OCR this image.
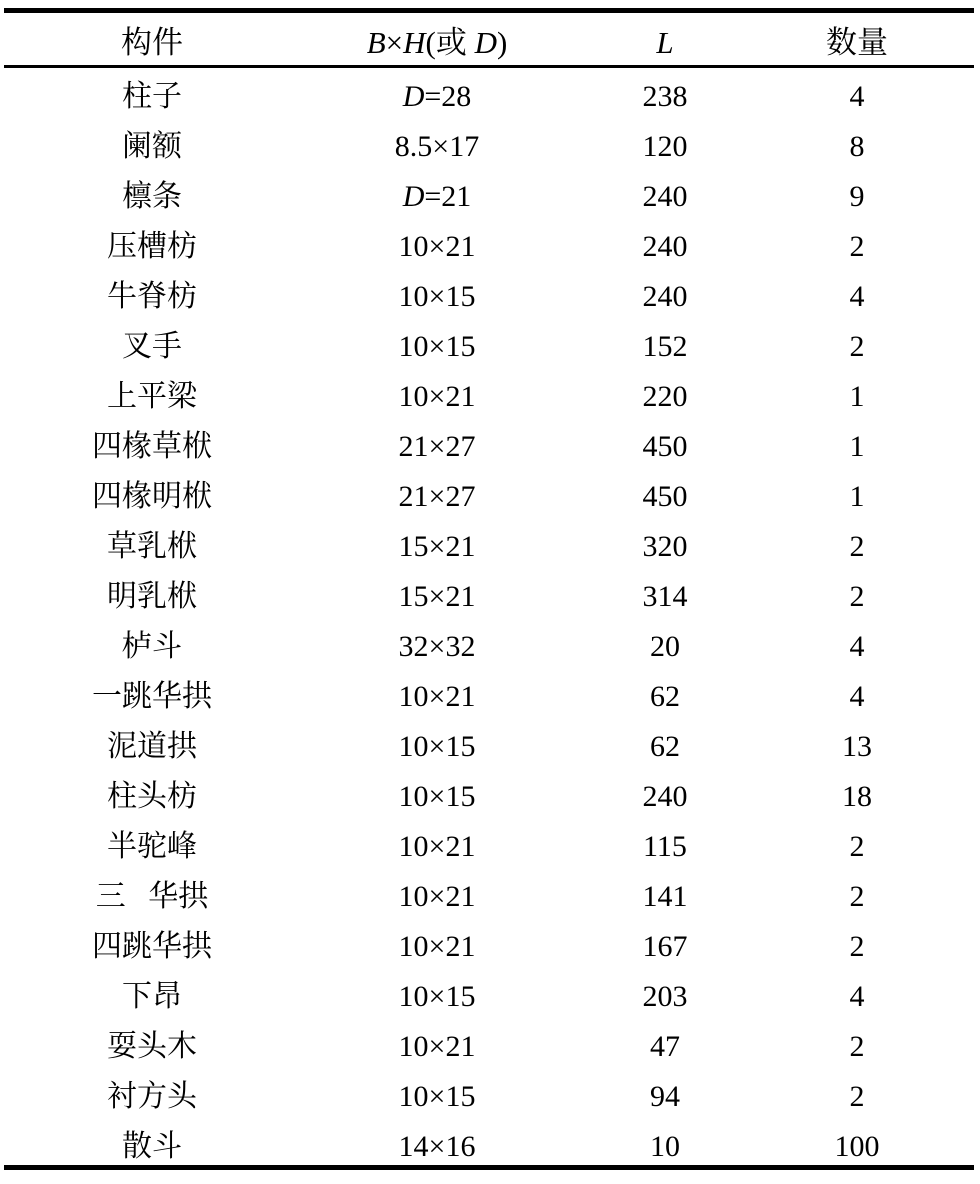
构件	B×H(或 D)	L	数量
柱子	D=28	238	4
阑额	8.5×17	120	8
檩条	D=21	240	9
压槽枋	10×21	240	2
牛脊枋	10×15	240	4
叉手	10×15	152	2
上平梁	10×21	220	1
四椽草栿	21×27	450	1
四椽明栿	21×27	450	1
草乳栿	15×21	320	2
明乳栿	15×21	314	2
栌斗	32×32	20	4
一跳华拱	10×21	62	4
泥道拱	10×15	62	13
柱头枋	10×15	240	18
半驼峰	10×21	115	2
三   华拱	10×21	141	2
四跳华拱	10×21	167	2
下昂	10×15	203	4
耍头木	10×21	47	2
衬方头	10×15	94	2
散斗	14×16	10	100
